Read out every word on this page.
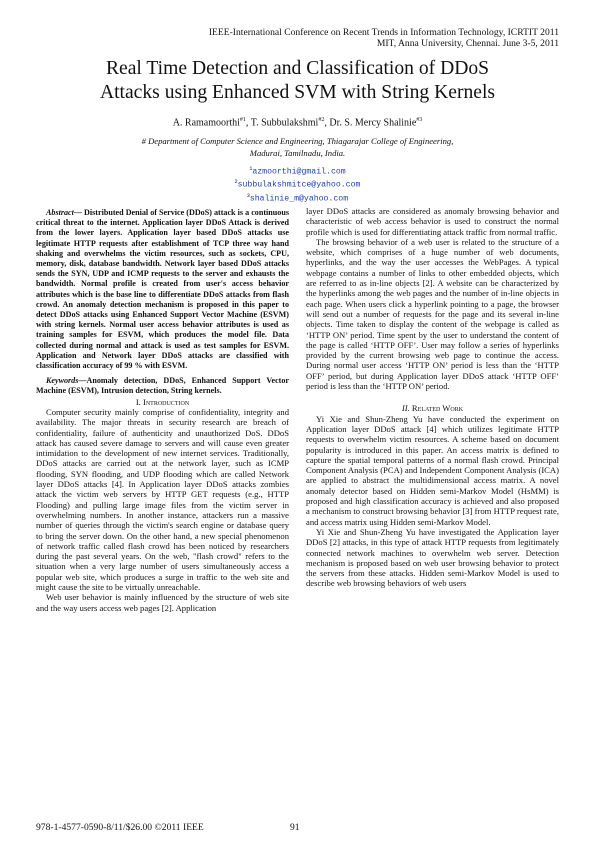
IEEE-International Conference on Recent Trends in Information Technology, ICRTIT 2011
MIT, Anna University, Chennai. June 3-5, 2011
Real Time Detection and Classification of DDoS
Attacks using Enhanced SVM with String Kernels
A. Ramamoorthi$^{\#1}$, T. Subbulakshmi$^{\#2}$, Dr. S. Mercy Shalinie$^{\#3}$
# Department of Computer Science and Engineering, Thiagarajar College of Engineering,
Madurai, Tamilnadu, India.
$^1$azmoorthi@gmail.com
$^2$subbulakshmitce@yahoo.com
$^3$shalinie_m@yahoo.com

Abstract— Distributed Denial of Service (DDoS) attack is a continuous critical threat to the internet. Application layer DDoS Attack is derived from the lower layers. Application layer based DDoS attacks use legitimate HTTP requests after establishment of TCP three way hand shaking and overwhelms the victim resources, such as sockets, CPU, memory, disk, database bandwidth. Network layer based DDoS attacks sends the SYN, UDP and ICMP requests to the server and exhausts the bandwidth. Normal profile is created from user's access behavior attributes which is the base line to differentiate DDoS attacks from flash crowd. An anomaly detection mechanism is proposed in this paper to detect DDoS attacks using Enhanced Support Vector Machine (ESVM) with string kernels. Normal user access behavior attributes is used as training samples for ESVM, which produces the model file. Data collected during normal and attack is used as test samples for ESVM. Application and Network layer DDoS attacks are classified with classification accuracy of 99 % with ESVM.

Keywords—Anomaly detection, DDoS, Enhanced Support Vector Machine (ESVM), Intrusion detection, String kernels.

I. Introduction

Computer security mainly comprise of confidentiality, integrity and availability. The major threats in security research are breach of confidentiality, failure of authenticity and unauthorized DoS. DDoS attack has caused severe damage to servers and will cause even greater intimidation to the development of new internet services. Traditionally, DDoS attacks are carried out at the network layer, such as ICMP flooding, SYN flooding, and UDP flooding which are called Network layer DDoS attacks [4]. In Application layer DDoS attacks zombies attack the victim web servers by HTTP GET requests (e.g., HTTP Flooding) and pulling large image files from the victim server in overwhelming numbers. In another instance, attackers run a massive number of queries through the victim's search engine or database query to bring the server down. On the other hand, a new special phenomenon of network traffic called flash crowd has been noticed by researchers during the past several years. On the web, "flash crowd" refers to the situation when a very large number of users simultaneously access a popular web site, which produces a surge in traffic to the web site and might cause the site to be virtually unreachable.

Web user behavior is mainly influenced by the structure of web site and the way users access web pages [2]. Application

layer DDoS attacks are considered as anomaly browsing behavior and characteristic of web access behavior is used to construct the normal profile which is used for differentiating attack traffic from normal traffic.

The browsing behavior of a web user is related to the structure of a website, which comprises of a huge number of web documents, hyperlinks, and the way the user accesses the WebPages. A typical webpage contains a number of links to other embedded objects, which are referred to as in-line objects [2]. A website can be characterized by the hyperlinks among the web pages and the number of in-line objects in each page. When users click a hyperlink pointing to a page, the browser will send out a number of requests for the page and its several in-line objects. Time taken to display the content of the webpage is called as ‘HTTP ON’ period. Time spent by the user to understand the content of the page is called ‘HTTP OFF’. User may follow a series of hyperlinks provided by the current browsing web page to continue the access. During normal user access ‘HTTP ON’ period is less than the ‘HTTP OFF’ period, but during Application layer DDoS attack ‘HTTP OFF’ period is less than the ‘HTTP ON’ period.

II. Related Work

Yi Xie and Shun-Zheng Yu have conducted the experiment on Application layer DDoS attack [4] which utilizes legitimate HTTP requests to overwhelm victim resources. A scheme based on document popularity is introduced in this paper. An access matrix is defined to capture the spatial temporal patterns of a normal flash crowd. Principal Component Analysis (PCA) and Independent Component Analysis (ICA) are applied to abstract the multidimensional access matrix. A novel anomaly detector based on Hidden semi-Markov Model (HsMM) is proposed and high classification accuracy is achieved and also proposed a mechanism to construct browsing behavior [3] from HTTP request rate, and access matrix using Hidden semi-Markov Model.

Yi Xie and Shun-Zheng Yu have investigated the Application layer DDoS [2] attacks, in this type of attack HTTP requests from legitimately connected network machines to overwhelm web server. Detection mechanism is proposed based on web user browsing behavior to protect the servers from these attacks. Hidden semi-Markov Model is used to describe web browsing behaviors of web users

978-1-4577-0590-8/11/$26.00 ©2011 IEEE	91
